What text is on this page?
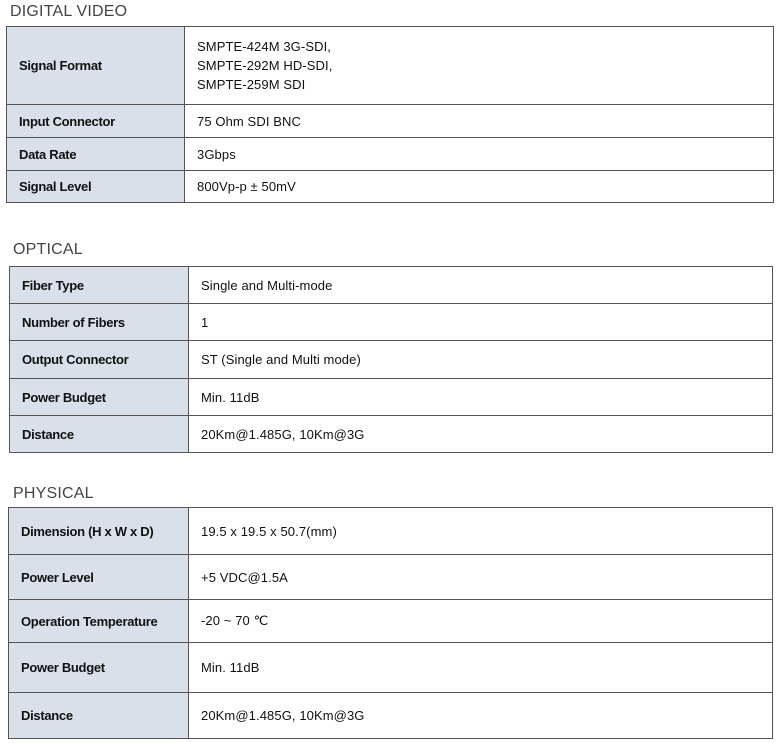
DIGITAL VIDEO
Signal Format	SMPTE-424M 3G-SDI,
SMPTE-292M HD-SDI,
SMPTE-259M SDI

Input Connector	75 Ohm SDI BNC
Data Rate	3Gbps
Signal Level	800Vp-p ± 50mV
OPTICAL
Fiber Type	Single and Multi-mode
Number of Fibers	1
Output Connector	ST (Single and Multi mode)
Power Budget	Min. 11dB
Distance	20Km@1.485G, 10Km@3G
PHYSICAL
Dimension (H x W x D)	19.5 x 19.5 x 50.7(mm)
Power Level	+5 VDC@1.5A
Operation Temperature	-20 ~ 70 ℃
Power Budget	Min. 11dB
Distance	20Km@1.485G, 10Km@3G
